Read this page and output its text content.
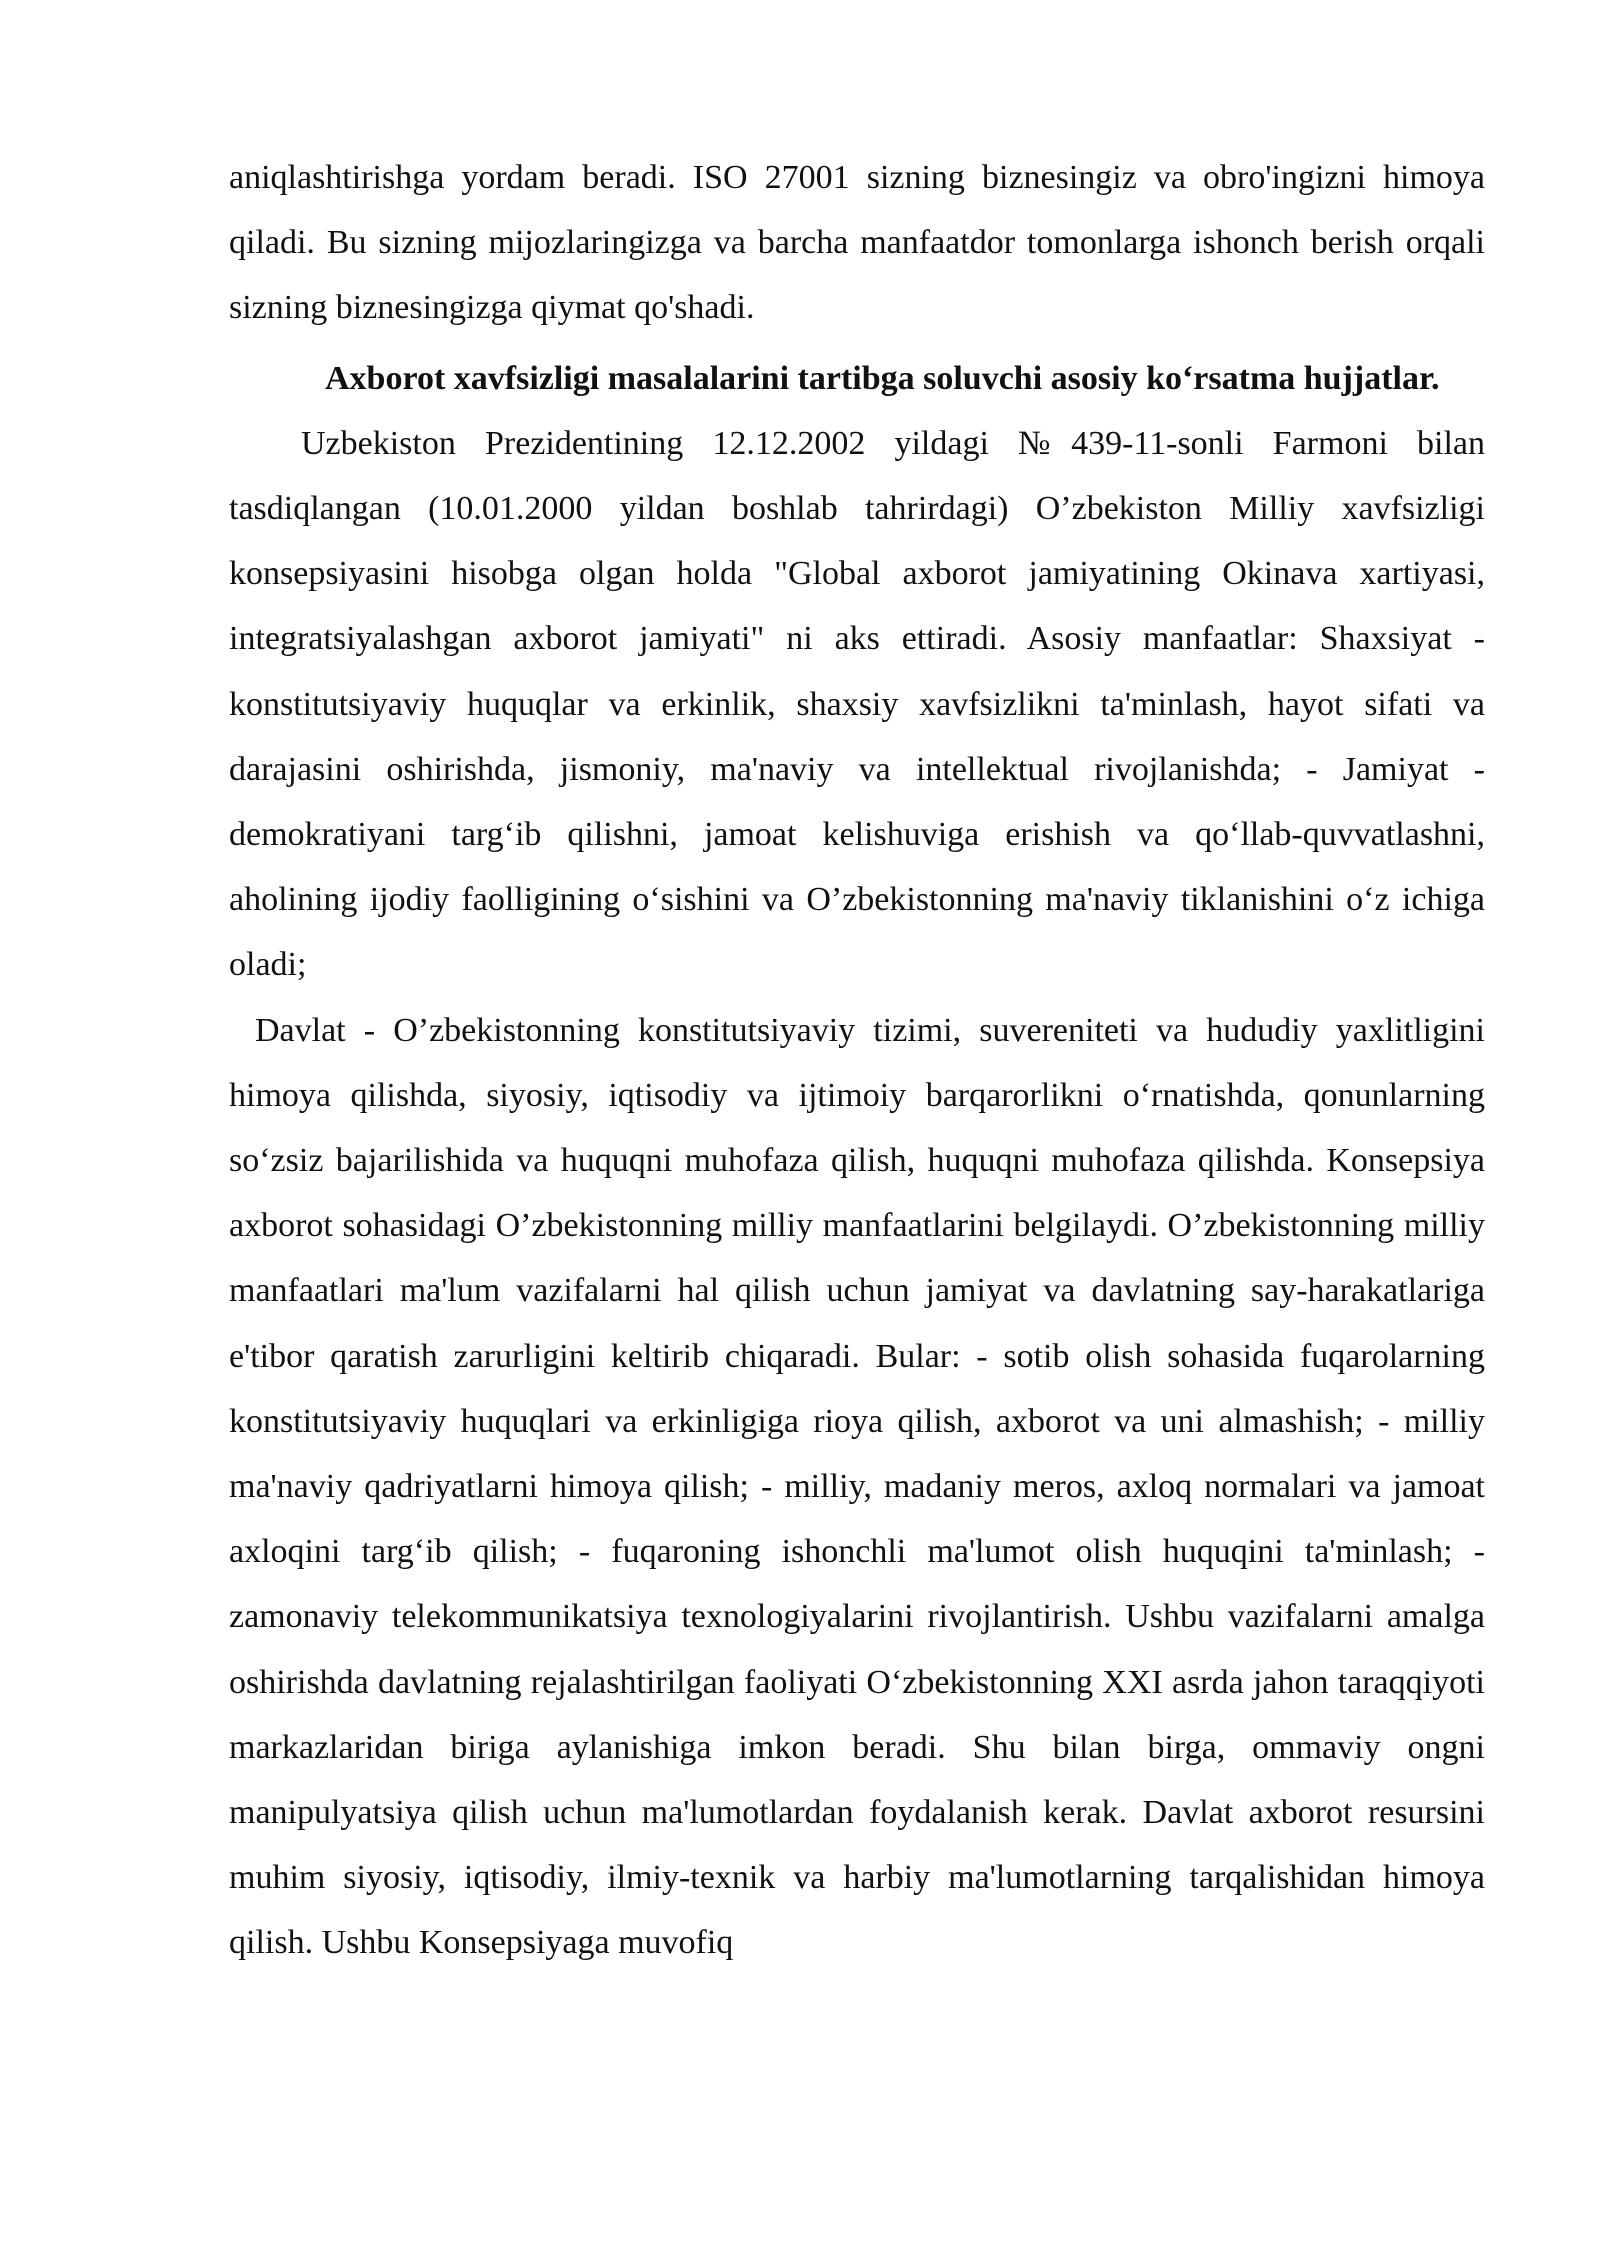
aniqlashtirishga yordam beradi. ISO 27001 sizning biznesingiz va obro'ingizni himoya qiladi. Bu sizning mijozlaringizga va barcha manfaatdor tomonlarga ishonch berish orqali sizning biznesingizga qiymat qo'shadi.

Axborot xavfsizligi masalalarini tartibga soluvchi asosiy ko‘rsatma hujjatlar.

Uzbekiston Prezidentining 12.12.2002 yildagi №439-11-sonli Farmoni bilan tasdiqlangan (10.01.2000 yildan boshlab tahrirdagi) O’zbekiston Milliy xavfsizligi konsepsiyasini hisobga olgan holda "Global axborot jamiyatining Okinava xartiyasi, integratsiyalashgan axborot jamiyati" ni aks ettiradi. Asosiy manfaatlar: Shaxsiyat - konstitutsiyaviy huquqlar va erkinlik, shaxsiy xavfsizlikni ta'minlash, hayot sifati va darajasini oshirishda, jismoniy, ma'naviy va intellektual rivojlanishda; - Jamiyat - demokratiyani targ‘ib qilishni, jamoat kelishuviga erishish va qo‘llab-quvvatlashni, aholining ijodiy faolligining o‘sishini va O’zbekistonning ma'naviy tiklanishini o‘z ichiga oladi;

Davlat - O’zbekistonning konstitutsiyaviy tizimi, suvereniteti va hududiy yaxlitligini himoya qilishda, siyosiy, iqtisodiy va ijtimoiy barqarorlikni o‘rnatishda, qonunlarning so‘zsiz bajarilishida va huquqni muhofaza qilish, huquqni muhofaza qilishda. Konsepsiya axborot sohasidagi O’zbekistonning milliy manfaatlarini belgilaydi. O’zbekistonning milliy manfaatlari ma'lum vazifalarni hal qilish uchun jamiyat va davlatning say-harakatlariga e'tibor qaratish zarurligini keltirib chiqaradi. Bular: - sotib olish sohasida fuqarolarning konstitutsiyaviy huquqlari va erkinligiga rioya qilish, axborot va uni almashish; - milliy ma'naviy qadriyatlarni himoya qilish; - milliy, madaniy meros, axloq normalari va jamoat axloqini targ‘ib qilish; - fuqaroning ishonchli ma'lumot olish huquqini ta'minlash; - zamonaviy telekommunikatsiya texnologiyalarini rivojlantirish. Ushbu vazifalarni amalga oshirishda davlatning rejalashtirilgan faoliyati O‘zbekistonning XXI asrda jahon taraqqiyoti markazlaridan biriga aylanishiga imkon beradi. Shu bilan birga, ommaviy ongni manipulyatsiya qilish uchun ma'lumotlardan foydalanish kerak. Davlat axborot resursini muhim siyosiy, iqtisodiy, ilmiy-texnik va harbiy ma'lumotlarning tarqalishidan himoya qilish. Ushbu Konsepsiyaga muvofiq
